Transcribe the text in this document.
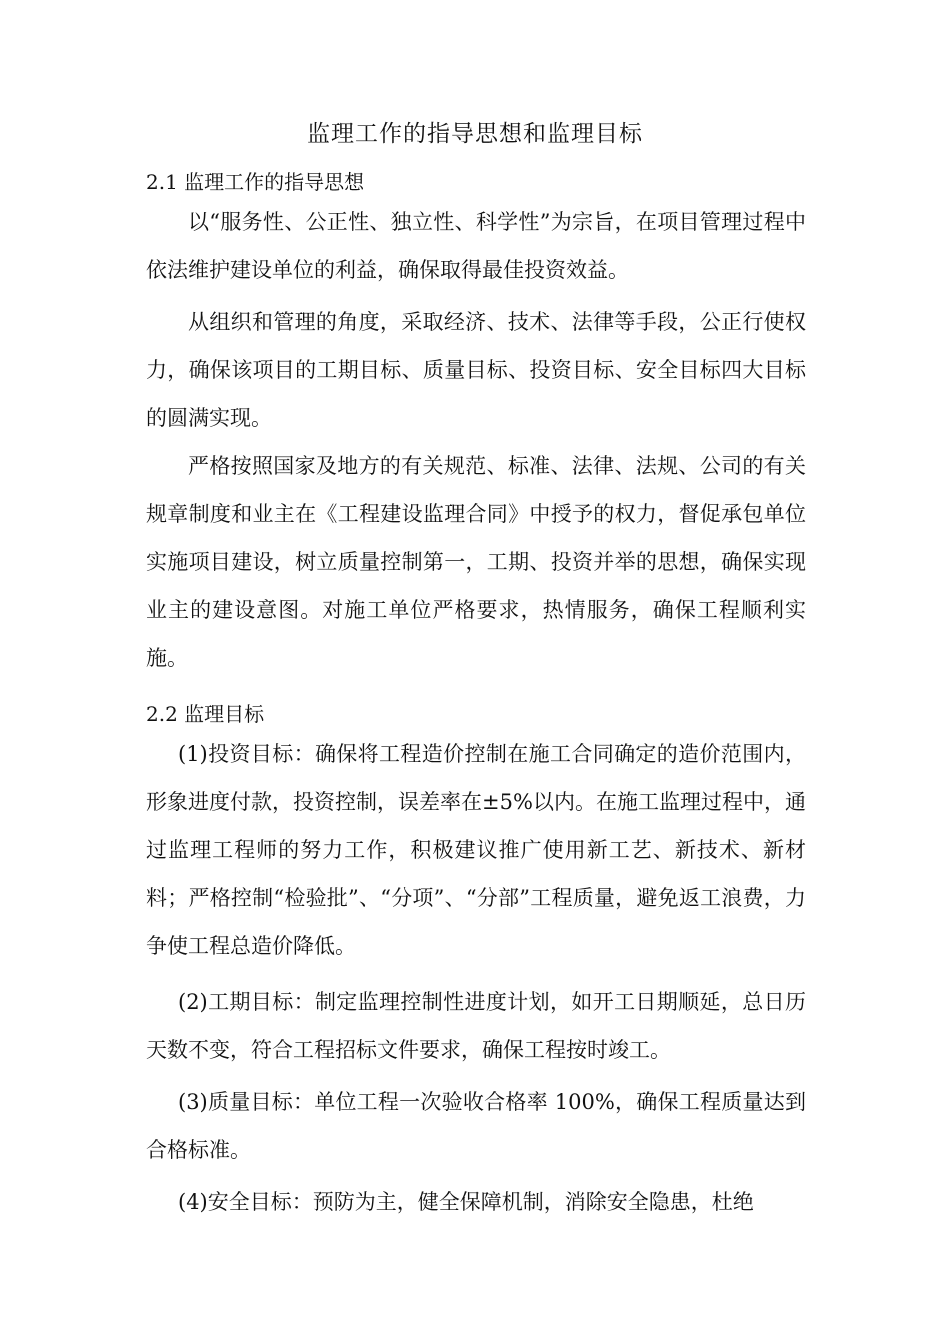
监理工作的指导思想和监理目标
2.1 监理工作的指导思想
以“服务性、公正性、独立性、科学性”为宗旨，在项目管理过程中依法维护建设单位的利益，确保取得最佳投资效益。
从组织和管理的角度，采取经济、技术、法律等手段，公正行使权力，确保该项目的工期目标、质量目标、投资目标、安全目标四大目标的圆满实现。
严格按照国家及地方的有关规范、标准、法律、法规、公司的有关规章制度和业主在《工程建设监理合同》中授予的权力，督促承包单位实施项目建设，树立质量控制第一，工期、投资并举的思想，确保实现业主的建设意图。对施工单位严格要求，热情服务，确保工程顺利实施。
2.2 监理目标
(1)投资目标：确保将工程造价控制在施工合同确定的造价范围内，形象进度付款，投资控制，误差率在±5%以内。在施工监理过程中，通过监理工程师的努力工作，积极建议推广使用新工艺、新技术、新材料；严格控制“检验批”、“分项”、“分部”工程质量，避免返工浪费，力争使工程总造价降低。
(2)工期目标：制定监理控制性进度计划，如开工日期顺延，总日历天数不变，符合工程招标文件要求，确保工程按时竣工。
(3)质量目标：单位工程一次验收合格率 100%，确保工程质量达到合格标准。
(4)安全目标：预防为主，健全保障机制，消除安全隐患，杜绝
